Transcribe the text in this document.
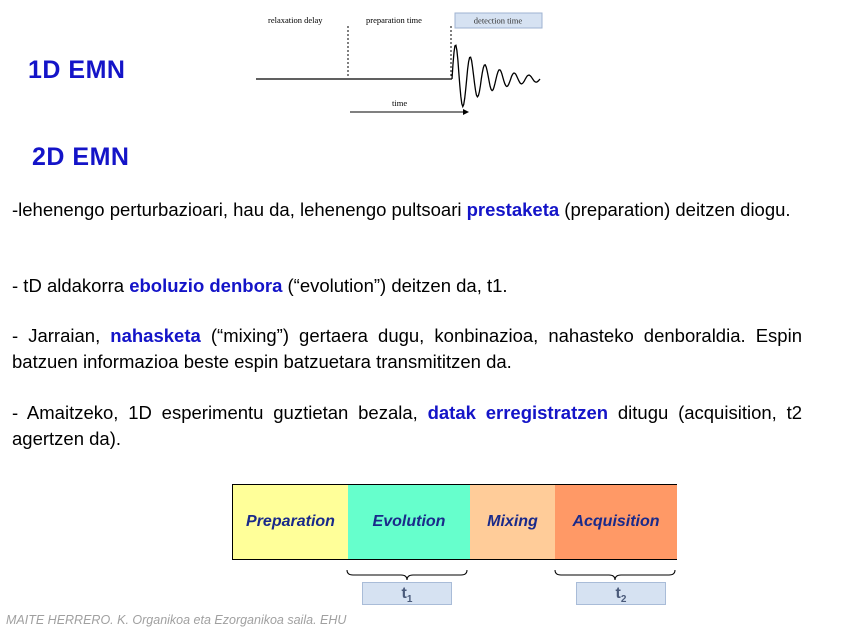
1D EMN
relaxation delay	preparation time	detection time
time
2D EMN
-lehenengo perturbazioari, hau da, lehenengo pultsoari prestaketa (preparation) deitzen diogu.
- tD aldakorra eboluzio denbora (“evolution”) deitzen da, t1.
- Jarraian, nahasketa (“mixing”) gertaera dugu, konbinazioa, nahasteko denboraldia. Espin batzuen informazioa beste espin batzuetara transmititzen da.
- Amaitzeko, 1D esperimentu guztietan bezala, datak erregistratzen ditugu (acquisition, t2 agertzen da).
Preparation	Evolution	Mixing	Acquisition
$t_1$	$t_2$
MAITE HERRERO. K. Organikoa eta Ezorganikoa saila. EHU
